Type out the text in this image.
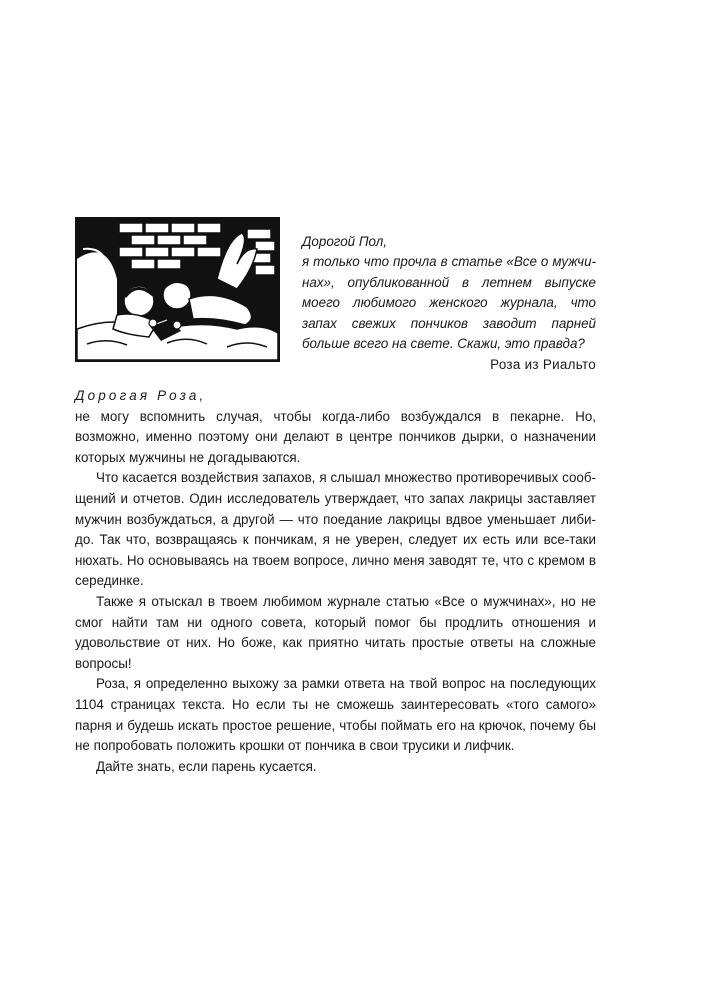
Дорогой Пол,
я только что прочла в статье «Все о мужчинах», опубликованной в летнем выпуске моего любимого женского журнала, что запах свежих пончиков заводит парней больше всего на свете. Скажи, это правда?
Роза из Риальто
Дорогая Роза,

не могу вспомнить случая, чтобы когда-либо возбуждался в пекарне. Но, возможно, именно поэтому они делают в центре пончиков дырки, о назначении которых мужчины не догадываются.

Что касается воздействия запахов, я слышал множество противоречивых сообщений и отчетов. Один исследователь утверждает, что запах лакрицы заставляет мужчин возбуждаться, а другой — что поедание лакрицы вдвое уменьшает либидо. Так что, возвращаясь к пончикам, я не уверен, следует их есть или все-таки нюхать. Но основываясь на твоем вопросе, лично меня заводят те, что с кремом в серединке.

Также я отыскал в твоем любимом журнале статью «Все о мужчинах», но не смог найти там ни одного совета, который помог бы продлить отношения и удовольствие от них. Но боже, как приятно читать простые ответы на сложные вопросы!

Роза, я определенно выхожу за рамки ответа на твой вопрос на последующих 1104 страницах текста. Но если ты не сможешь заинтересовать «того самого» парня и будешь искать простое решение, чтобы поймать его на крючок, почему бы не попробовать положить крошки от пончика в свои трусики и лифчик.

Дайте знать, если парень кусается.
